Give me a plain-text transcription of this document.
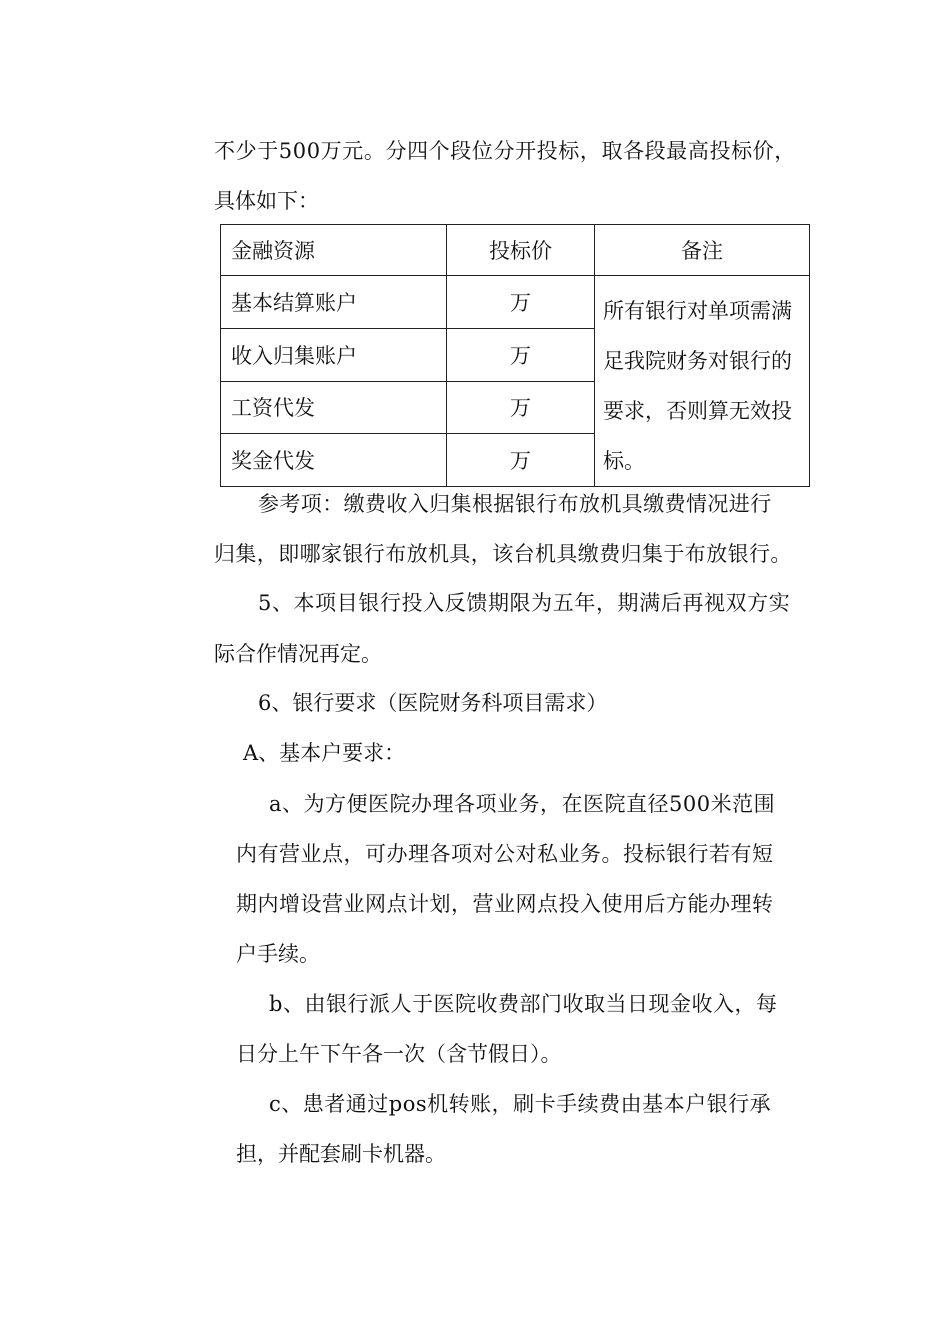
不少于500万元。分四个段位分开投标，取各段最高投标价，
具体如下：
金融资源	投标价	备注
基本结算账户	万	所有银行对单项需满足我院财务对银行的要求，否则算无效投标。
收入归集账户	万	
工资代发	万	
奖金代发	万	
参考项：缴费收入归集根据银行布放机具缴费情况进行
归集，即哪家银行布放机具，该台机具缴费归集于布放银行。
5、本项目银行投入反馈期限为五年，期满后再视双方实
际合作情况再定。
6、银行要求（医院财务科项目需求）
A、基本户要求：
a、为方便医院办理各项业务，在医院直径500米范围
内有营业点，可办理各项对公对私业务。投标银行若有短
期内增设营业网点计划，营业网点投入使用后方能办理转
户手续。
b、由银行派人于医院收费部门收取当日现金收入，每
日分上午下午各一次（含节假日）。
c、患者通过pos机转账，刷卡手续费由基本户银行承
担，并配套刷卡机器。
